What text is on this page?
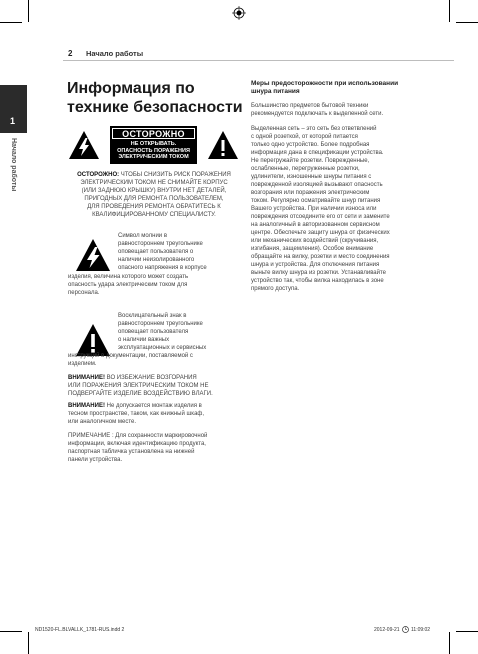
1
Начало работы
2 Начало работы
Информация по
технике безопасности
ОСТОРОЖНО
НЕ ОТКРЫВАТЬ.
ОПАСНОСТЬ ПОРАЖЕНИЯ
ЭЛЕКТРИЧЕСКИМ ТОКОМ
ОСТОРОЖНО: ЧТОБЫ СНИЗИТЬ РИСК ПОРАЖЕНИЯ
ЭЛЕКТРИЧЕСКИМ ТОКОМ НЕ СНИМАЙТЕ КОРПУС
(ИЛИ ЗАДНЮЮ КРЫШКУ) ВНУТРИ НЕТ ДЕТАЛЕЙ,
ПРИГОДНЫХ ДЛЯ РЕМОНТА ПОЛЬЗОВАТЕЛЕМ,
ДЛЯ ПРОВЕДЕНИЯ РЕМОНТА ОБРАТИТЕСЬ К
КВАЛИФИЦИРОВАННОМУ СПЕЦИАЛИСТУ.
Символ молнии в
равностороннем треугольнике
оповещает пользователя о
наличии неизолированного
опасного напряжения в корпусе
изделия, величина которого может создать
опасность удара электрическим током для
персонала.
Восклицательный знак в
равностороннем треугольнике
оповещает пользователя
о наличии важных
эксплуатационных и сервисных
инструкций в документации, поставляемой с
изделием.
ВНИМАНИЕ! ВО ИЗБЕЖАНИЕ ВОЗГОРАНИЯ
ИЛИ ПОРАЖЕНИЯ ЭЛЕКТРИЧЕСКИМ ТОКОМ НЕ
ПОДВЕРГАЙТЕ ИЗДЕЛИЕ ВОЗДЕЙСТВИЮ ВЛАГИ.
ВНИМАНИЕ! Не допускается монтаж изделия в
тесном пространстве, таком, как книжный шкаф,
или аналогичном месте.
ПРИМЕЧАНИЕ : Для сохранности маркировочной
информации, включая идентификацию продукта,
паспортная табличка установлена на нижней
панели устройства.
Меры предосторожности при использовании
шнура питания
Большинство предметов бытовой техники
рекомендуется подключать к выделенной сети.
Выделенная сеть – это сеть без ответвлений
с одной розеткой, от которой питается
только одно устройство. Более подробная
информация дана в спецификации устройства.
Не перегружайте розетки. Поврежденные,
ослабленные, перегруженные розетки,
удлинители, изношенные шнуры питания с
поврежденной изоляцией вызывают опасность
возгорания или поражения электрическим
током. Регулярно осматривайте шнур питания
Вашего устройства. При наличии износа или
повреждения отсоедините его от сети и замените
на аналогичный в авторизованном сервисном
центре. Обеспечьте защиту шнура от физических
или механических воздействий (скручивания,
изгибания, защемления). Особое внимание
обращайте на вилку, розетки и место соединения
шнура и устройства. Для отключения питания
выньте вилку шнура из розетки. Устанавливайте
устройство так, чтобы вилка находилась в зоне
прямого доступа.
ND1520-FL.BLVALLK_1781-RUS.indd 2	2012-09-21 11:09:02
